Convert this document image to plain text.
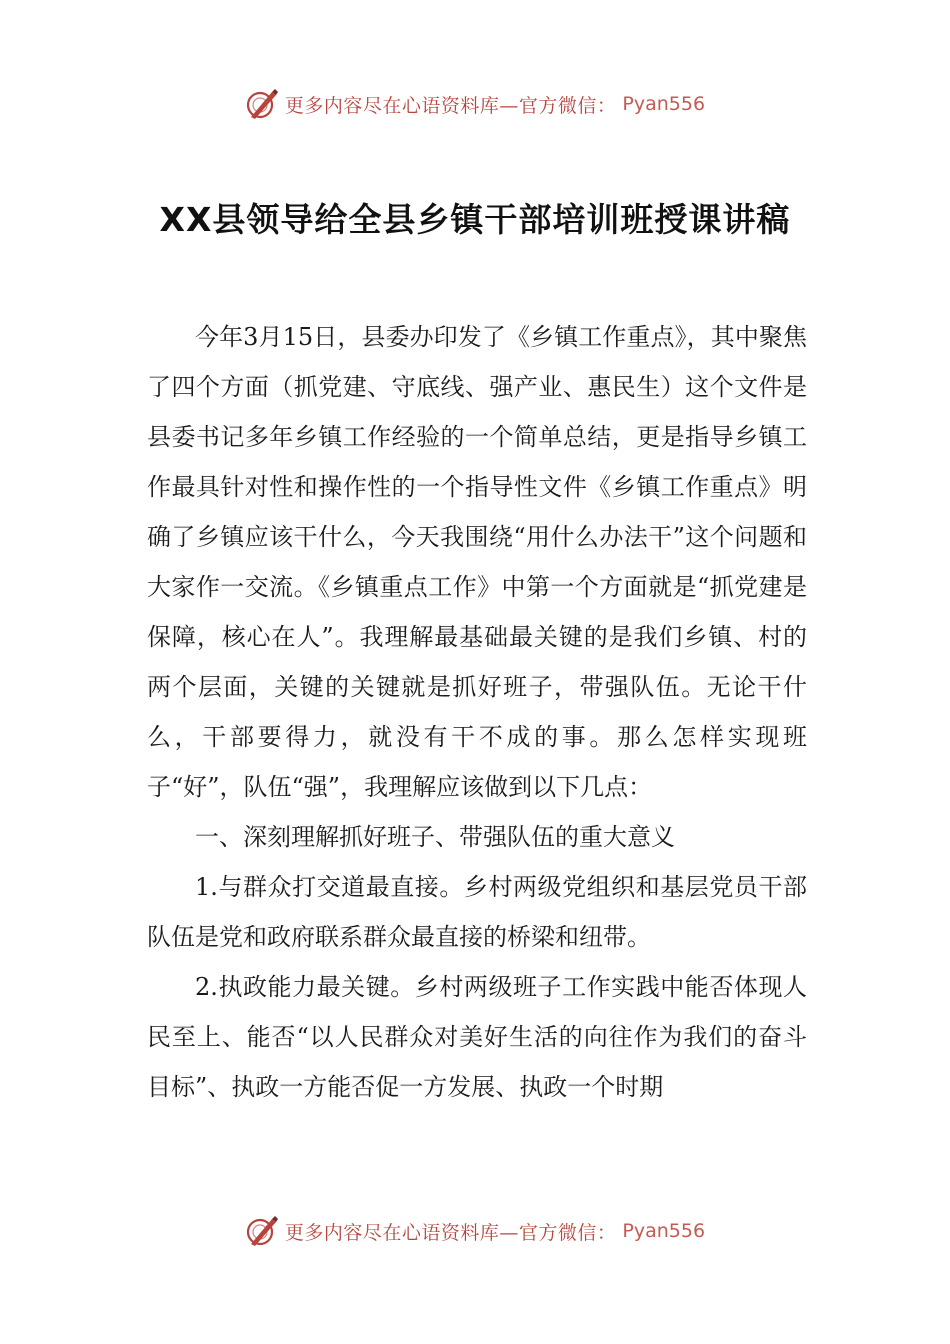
更多内容尽在心语资料库—官方微信： Pyan556
XX县领导给全县乡镇干部培训班授课讲稿

今年3月15日，县委办印发了《乡镇工作重点》，其中聚焦了四个方面（抓党建、守底线、强产业、惠民生）这个文件是县委书记多年乡镇工作经验的一个简单总结，更是指导乡镇工作最具针对性和操作性的一个指导性文件《乡镇工作重点》明确了乡镇应该干什么，今天我围绕“用什么办法干”这个问题和大家作一交流。《乡镇重点工作》中第一个方面就是“抓党建是保障，核心在人”。我理解最基础最关键的是我们乡镇、村的两个层面，关键的关键就是抓好班子，带强队伍。无论干什么，干部要得力，就没有干不成的事。那么怎样实现班子“好”，队伍“强”，我理解应该做到以下几点：

一、深刻理解抓好班子、带强队伍的重大意义

1.与群众打交道最直接。乡村两级党组织和基层党员干部队伍是党和政府联系群众最直接的桥梁和纽带。

2.执政能力最关键。乡村两级班子工作实践中能否体现人民至上、能否“以人民群众对美好生活的向往作为我们的奋斗目标”、执政一方能否促一方发展、执政一个时期

更多内容尽在心语资料库—官方微信： Pyan556
